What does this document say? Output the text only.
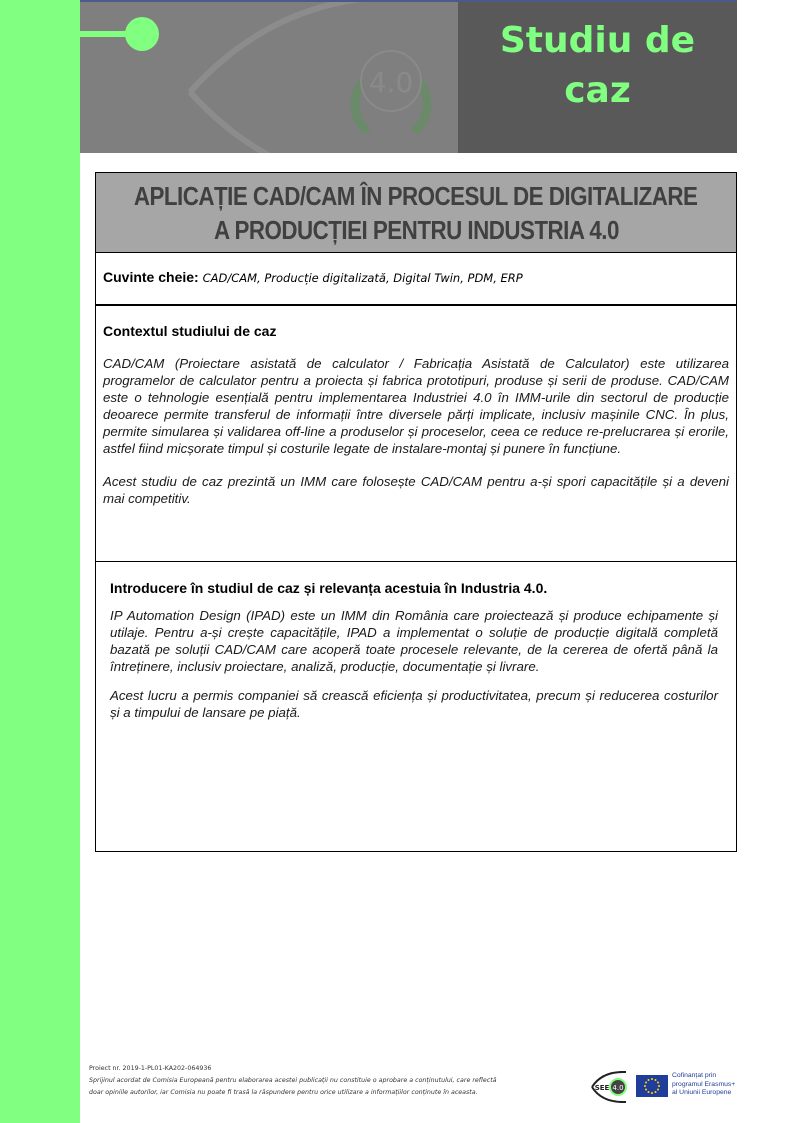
4.0
Studiu de
caz
APLICAȚIE CAD/CAM ÎN PROCESUL DE DIGITALIZARE
A PRODUCȚIEI PENTRU INDUSTRIA 4.0
Cuvinte cheie: CAD/CAM, Producție digitalizată, Digital Twin, PDM, ERP
Contextul studiului de caz

CAD/CAM (Proiectare asistată de calculator / Fabricația Asistată de Calculator) este utilizarea programelor de calculator pentru a proiecta și fabrica prototipuri, produse și serii de produse. CAD/CAM este o tehnologie esențială pentru implementarea Industriei 4.0 în IMM-urile din sectorul de producție deoarece permite transferul de informații între diversele părți implicate, inclusiv mașinile CNC. În plus, permite simularea și validarea off-line a produselor și proceselor, ceea ce reduce re-prelucrarea și erorile, astfel fiind micșorate timpul și costurile legate de instalare-montaj și punere în funcțiune.

Acest studiu de caz prezintă un IMM care folosește CAD/CAM pentru a-și spori capacitățile și a deveni mai competitiv.

Introducere în studiul de caz și relevanța acestuia în Industria 4.0.

IP Automation Design (IPAD) este un IMM din România care proiectează și produce echipamente și utilaje. Pentru a-și crește capacitățile, IPAD a implementat o soluție de producție digitală completă bazată pe soluții CAD/CAM care acoperă toate procesele relevante, de la cererea de ofertă până la întreținere, inclusiv proiectare, analiză, producție, documentație și livrare.

Acest lucru a permis companiei să crească eficiența și productivitatea, precum și reducerea costurilor și a timpului de lansare pe piață.

Proiect nr. 2019-1-PL01-KA202-064936
Sprijinul acordat de Comisia Europeană pentru elaborarea acestei publicații nu constituie o aprobare a conținutului, care reflectă
doar opiniile autorilor, iar Comisia nu poate fi trasă la răspundere pentru orice utilizare a informațiilor conținute în aceasta.
SEE 4.0
Cofinanțat prin
programul Erasmus+
al Uniunii Europene
